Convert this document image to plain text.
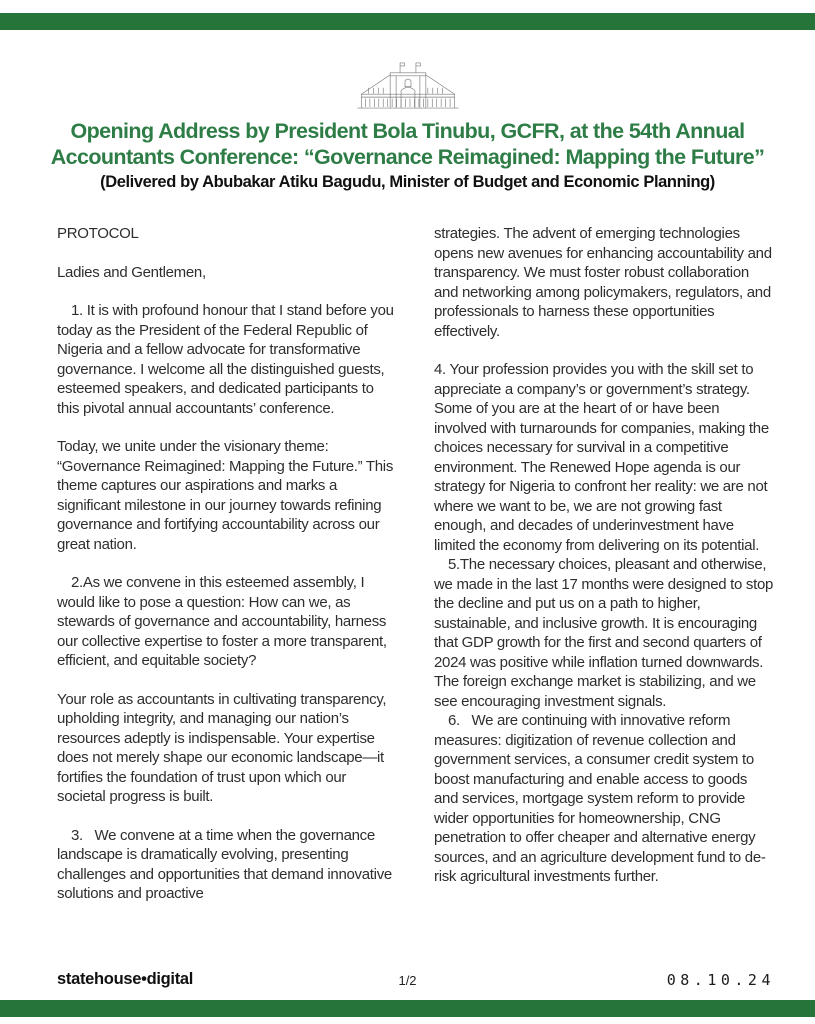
Opening Address by President Bola Tinubu, GCFR, at the 54th Annual
Accountants Conference: “Governance Reimagined: Mapping the Future”
(Delivered by Abubakar Atiku Bagudu, Minister of Budget and Economic Planning)

PROTOCOL

Ladies and Gentlemen,

1. It is with profound honour that I stand before you today as the President of the Federal Republic of Nigeria and a fellow advocate for transformative governance. I welcome all the distinguished guests, esteemed speakers, and dedicated participants to this pivotal annual accountants’ conference.

Today, we unite under the visionary theme: “Governance Reimagined: Mapping the Future.” This theme captures our aspirations and marks a significant milestone in our journey towards refining governance and fortifying accountability across our great nation.

2.As we convene in this esteemed assembly, I would like to pose a question: How can we, as stewards of governance and accountability, harness our collective expertise to foster a more transparent, efficient, and equitable society?

Your role as accountants in cultivating transparency, upholding integrity, and managing our nation’s resources adeptly is indispensable. Your expertise does not merely shape our economic landscape—it fortifies the foundation of trust upon which our societal progress is built.

3.   We convene at a time when the governance landscape is dramatically evolving, presenting challenges and opportunities that demand innovative solutions and proactive

strategies. The advent of emerging technologies opens new avenues for enhancing accountability and transparency. We must foster robust collaboration and networking among policymakers, regulators, and professionals to harness these opportunities effectively.

4. Your profession provides you with the skill set to appreciate a company’s or government’s strategy. Some of you are at the heart of or have been involved with turnarounds for companies, making the choices necessary for survival in a competitive environment. The Renewed Hope agenda is our strategy for Nigeria to confront her reality: we are not where we want to be, we are not growing fast enough, and decades of underinvestment have limited the economy from delivering on its potential.

5.The necessary choices, pleasant and otherwise, we made in the last 17 months were designed to stop the decline and put us on a path to higher, sustainable, and inclusive growth. It is encouraging that GDP growth for the first and second quarters of 2024 was positive while inflation turned downwards. The foreign exchange market is stabilizing, and we see encouraging investment signals.

6.   We are continuing with innovative reform measures: digitization of revenue collection and government services, a consumer credit system to boost manufacturing and enable access to goods and services, mortgage system reform to provide wider opportunities for homeownership, CNG penetration to offer cheaper and alternative energy sources, and an agriculture development fund to de-risk agricultural investments further.

statehouse•digital	1/2	08.10.24
